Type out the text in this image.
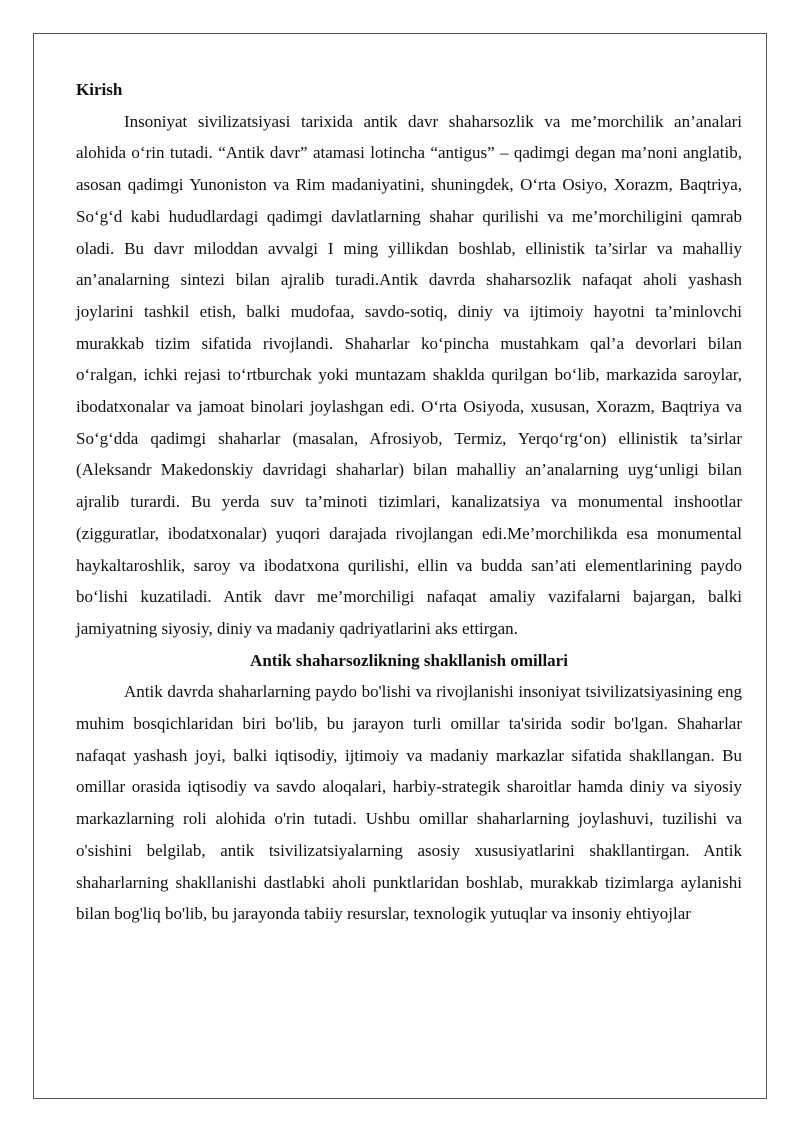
Kirish

Insoniyat sivilizatsiyasi tarixida antik davr shaharsozlik va me’morchilik an’analari alohida o‘rin tutadi. “Antik davr” atamasi lotincha “antigus” – qadimgi degan ma’noni anglatib, asosan qadimgi Yunoniston va Rim madaniyatini, shuningdek, O‘rta Osiyo, Xorazm, Baqtriya, So‘g‘d kabi hududlardagi qadimgi davlatlarning shahar qurilishi va me’morchiligini qamrab oladi. Bu davr miloddan avvalgi I ming yillikdan boshlab, ellinistik ta’sirlar va mahalliy an’analarning sintezi bilan ajralib turadi.Antik davrda shaharsozlik nafaqat aholi yashash joylarini tashkil etish, balki mudofaa, savdo-sotiq, diniy va ijtimoiy hayotni ta’minlovchi murakkab tizim sifatida rivojlandi. Shaharlar ko‘pincha mustahkam qal’a devorlari bilan o‘ralgan, ichki rejasi to‘rtburchak yoki muntazam shaklda qurilgan bo‘lib, markazida saroylar, ibodatxonalar va jamoat binolari joylashgan edi. O‘rta Osiyoda, xususan, Xorazm, Baqtriya va So‘g‘dda qadimgi shaharlar (masalan, Afrosiyob, Termiz, Yerqo‘rg‘on) ellinistik ta’sirlar (Aleksandr Makedonskiy davridagi shaharlar) bilan mahalliy an’analarning uyg‘unligi bilan ajralib turardi. Bu yerda suv ta’minoti tizimlari, kanalizatsiya va monumental inshootlar (zigguratlar, ibodatxonalar) yuqori darajada rivojlangan edi.Me’morchilikda esa monumental haykaltaroshlik, saroy va ibodatxona qurilishi, ellin va budda san’ati elementlarining paydo bo‘lishi kuzatiladi. Antik davr me’morchiligi nafaqat amaliy vazifalarni bajargan, balki jamiyatning siyosiy, diniy va madaniy qadriyatlarini aks ettirgan.

Antik shaharsozlikning shakllanish omillari

Antik davrda shaharlarning paydo bo'lishi va rivojlanishi insoniyat tsivilizatsiyasining eng muhim bosqichlaridan biri bo'lib, bu jarayon turli omillar ta'sirida sodir bo'lgan. Shaharlar nafaqat yashash joyi, balki iqtisodiy, ijtimoiy va madaniy markazlar sifatida shakllangan. Bu omillar orasida iqtisodiy va savdo aloqalari, harbiy-strategik sharoitlar hamda diniy va siyosiy markazlarning roli alohida o'rin tutadi. Ushbu omillar shaharlarning joylashuvi, tuzilishi va o'sishini belgilab, antik tsivilizatsiyalarning asosiy xususiyatlarini shakllantirgan. Antik shaharlarning shakllanishi dastlabki aholi punktlaridan boshlab, murakkab tizimlarga aylanishi bilan bog'liq bo'lib, bu jarayonda tabiiy resurslar, texnologik yutuqlar va insoniy ehtiyojlar
